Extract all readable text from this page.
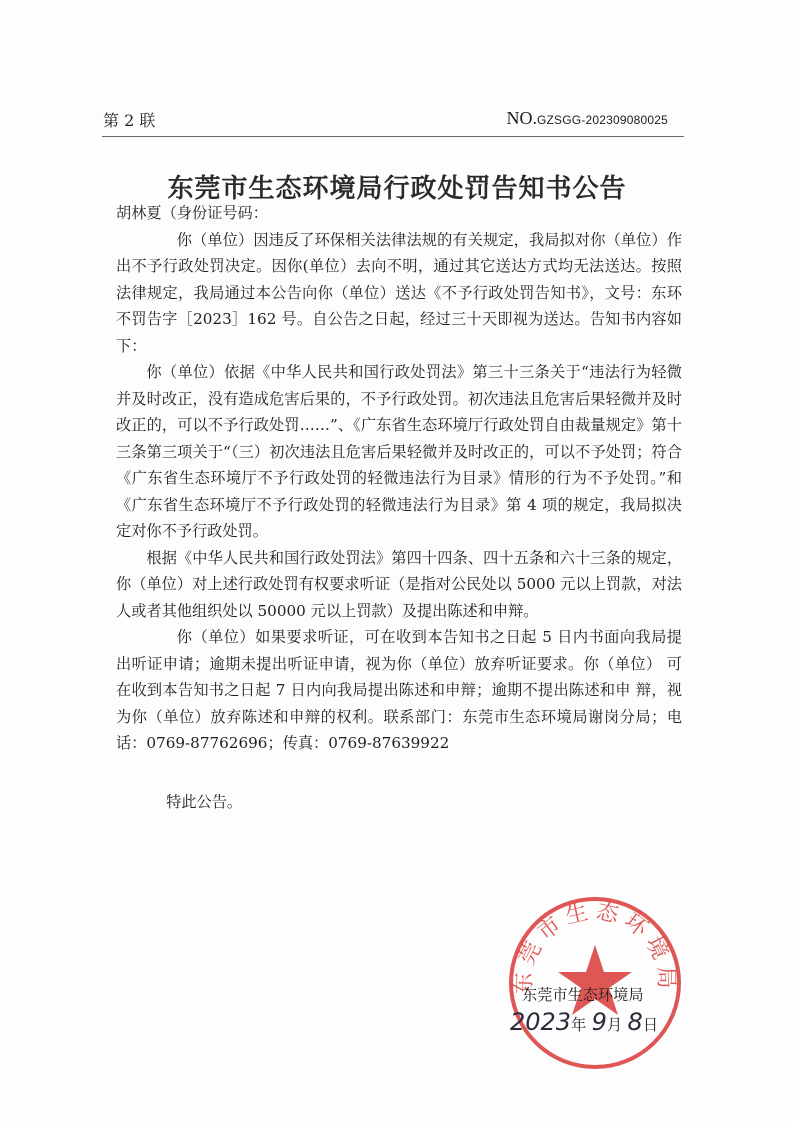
第 2 联	NO.GZSGG-202309080025
东莞市生态环境局行政处罚告知书公告

胡林夏（身份证号码：

你（单位）因违反了环保相关法律法规的有关规定，我局拟对你（单位）作出不予行政处罚决定。因你(单位）去向不明，通过其它送达方式均无法送达。按照法律规定，我局通过本公告向你（单位）送达《不予行政处罚告知书》，文号：东环不罚告字［2023］162 号。自公告之日起，经过三十天即视为送达。告知书内容如下：

你（单位）依据《中华人民共和国行政处罚法》第三十三条关于“违法行为轻微并及时改正，没有造成危害后果的，不予行政处罚。初次违法且危害后果轻微并及时改正的，可以不予行政处罚……”、《广东省生态环境厅行政处罚自由裁量规定》第十三条第三项关于“（三）初次违法且危害后果轻微并及时改正的，可以不予处罚；符合《广东省生态环境厅不予行政处罚的轻微违法行为目录》情形的行为不予处罚。”和《广东省生态环境厅不予行政处罚的轻微违法行为目录》第 4 项的规定，我局拟决定对你不予行政处罚。

根据《中华人民共和国行政处罚法》第四十四条、四十五条和六十三条的规定，你（单位）对上述行政处罚有权要求听证（是指对公民处以 5000 元以上罚款，对法人或者其他组织处以 50000 元以上罚款）及提出陈述和申辩。

你（单位）如果要求听证，可在收到本告知书之日起 5 日内书面向我局提 出听证申请；逾期未提出听证申请，视为你（单位）放弃听证要求。你（单位） 可在收到本告知书之日起 7 日内向我局提出陈述和申辩；逾期不提出陈述和申 辩，视为你（单位）放弃陈述和申辩的权利。联系部门：东莞市生态环境局谢岗分局；电话：0769-87762696；传真：0769-87639922

特此公告。

东莞市生态环境局
东莞市生态环境局
2023年 9月 8日
